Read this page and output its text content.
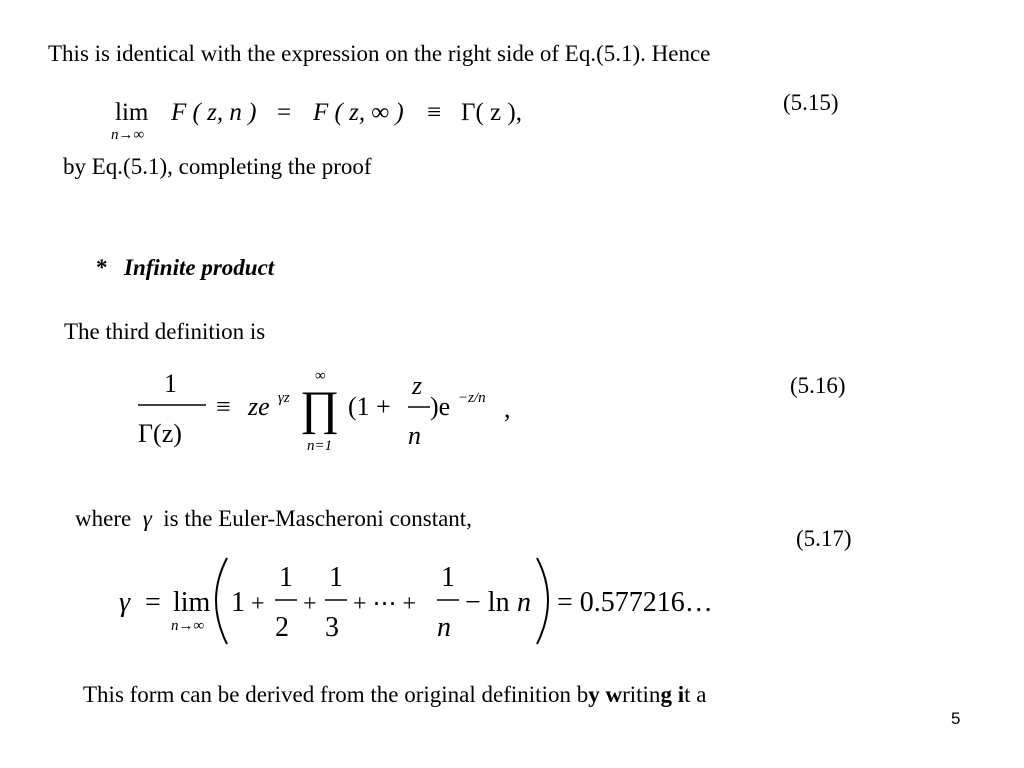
This is identical with the expression on the right side of Eq.(5.1). Hence
(5.15)
lim
n→∞
F ( z, n ) = F ( z, ∞ ) ≡ Γ( z ),
by Eq.(5.1), completing the proof
* Infinite product
The third definition is
(5.16)
1
Γ(z)
≡ ze γz
∞
∏
n=1
(1 +
z
n
)e −z/n ,
where γ is the Euler-Mascheroni constant,
(5.17)
γ = lim
n→∞
1 +
1
2
+
1
3
+ ⋯ +
1
n
− ln n = 0.577216…
This form can be derived from the original definition by writing it a
5
